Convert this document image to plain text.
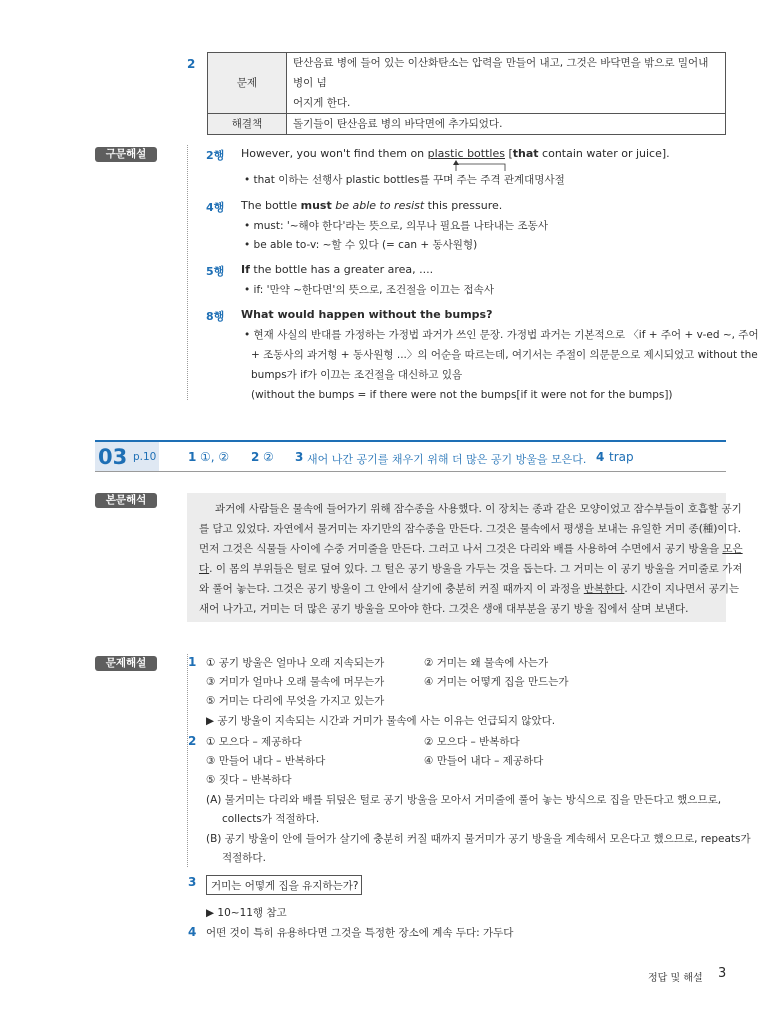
2
문제	탄산음료 병에 들어 있는 이산화탄소는 압력을 만들어 내고, 그것은 바닥면을 밖으로 밀어내 병이 넘
어지게 한다.

해결책	돌기들이 탄산음료 병의 바닥면에 추가되었다.
구문해설	2행 However, you won't find them on plastic bottles [that contain water or juice].
• that 이하는 선행사 plastic bottles를 꾸며 주는 주격 관계대명사절
4행 The bottle must be able to resist this pressure.
• must: '~해야 한다'라는 뜻으로, 의무나 필요를 나타내는 조동사
• be able to-v: ~할 수 있다 (= can + 동사원형)
5행 If the bottle has a greater area, ....
• if: '만약 ~한다면'의 뜻으로, 조건절을 이끄는 접속사
8행 What would happen without the bumps?
• 현재 사실의 반대를 가정하는 가정법 과거가 쓰인 문장. 가정법 과거는 기본적으로 〈if + 주어 + v-ed ~, 주어
+ 조동사의 과거형 + 동사원형 ...〉의 어순을 따르는데, 여기서는 주절이 의문문으로 제시되었고 without the
bumps가 if가 이끄는 조건절을 대신하고 있음
(without the bumps = if there were not the bumps[if it were not for the bumps])
03 p.10	1 ①, ② 2 ② 3 새어 나간 공기를 채우기 위해 더 많은 공기 방울을 모은다. 4 trap
본문해석
과거에 사람들은 물속에 들어가기 위해 잠수종을 사용했다. 이 장치는 종과 같은 모양이었고 잠수부들이 호흡할 공기
를 담고 있었다. 자연에서 물거미는 자기만의 잠수종을 만든다. 그것은 물속에서 평생을 보내는 유일한 거미 종(種)이다.
먼저 그것은 식물들 사이에 수중 거미줄을 만든다. 그러고 나서 그것은 다리와 배를 사용하여 수면에서 공기 방울을 모은
다. 이 몸의 부위들은 털로 덮여 있다. 그 털은 공기 방울을 가두는 것을 돕는다. 그 거미는 이 공기 방울을 거미줄로 가져
와 풀어 놓는다. 그것은 공기 방울이 그 안에서 살기에 충분히 커질 때까지 이 과정을 반복한다. 시간이 지나면서 공기는
새어 나가고, 거미는 더 많은 공기 방울을 모아야 한다. 그것은 생애 대부분을 공기 방울 집에서 살며 보낸다.
문제해설	1 ① 공기 방울은 얼마나 오래 지속되는가	② 거미는 왜 물속에 사는가
③ 거미가 얼마나 오래 물속에 머무는가	④ 거미는 어떻게 집을 만드는가
⑤ 거미는 다리에 무엇을 가지고 있는가
▶ 공기 방울이 지속되는 시간과 거미가 물속에 사는 이유는 언급되지 않았다.
2 ① 모으다 – 제공하다	② 모으다 – 반복하다
③ 만들어 내다 – 반복하다	④ 만들어 내다 – 제공하다
⑤ 짓다 – 반복하다
(A) 물거미는 다리와 배를 뒤덮은 털로 공기 방울을 모아서 거미줄에 풀어 놓는 방식으로 집을 만든다고 했으므로,
collects가 적절하다.
(B) 공기 방울이 안에 들어가 살기에 충분히 커질 때까지 물거미가 공기 방울을 계속해서 모은다고 했으므로, repeats가
적절하다.
3	거미는 어떻게 집을 유지하는가?
▶ 10~11행 참고
4 어떤 것이 특히 유용하다면 그것을 특정한 장소에 계속 두다: 가두다
정답 및 해설 3
